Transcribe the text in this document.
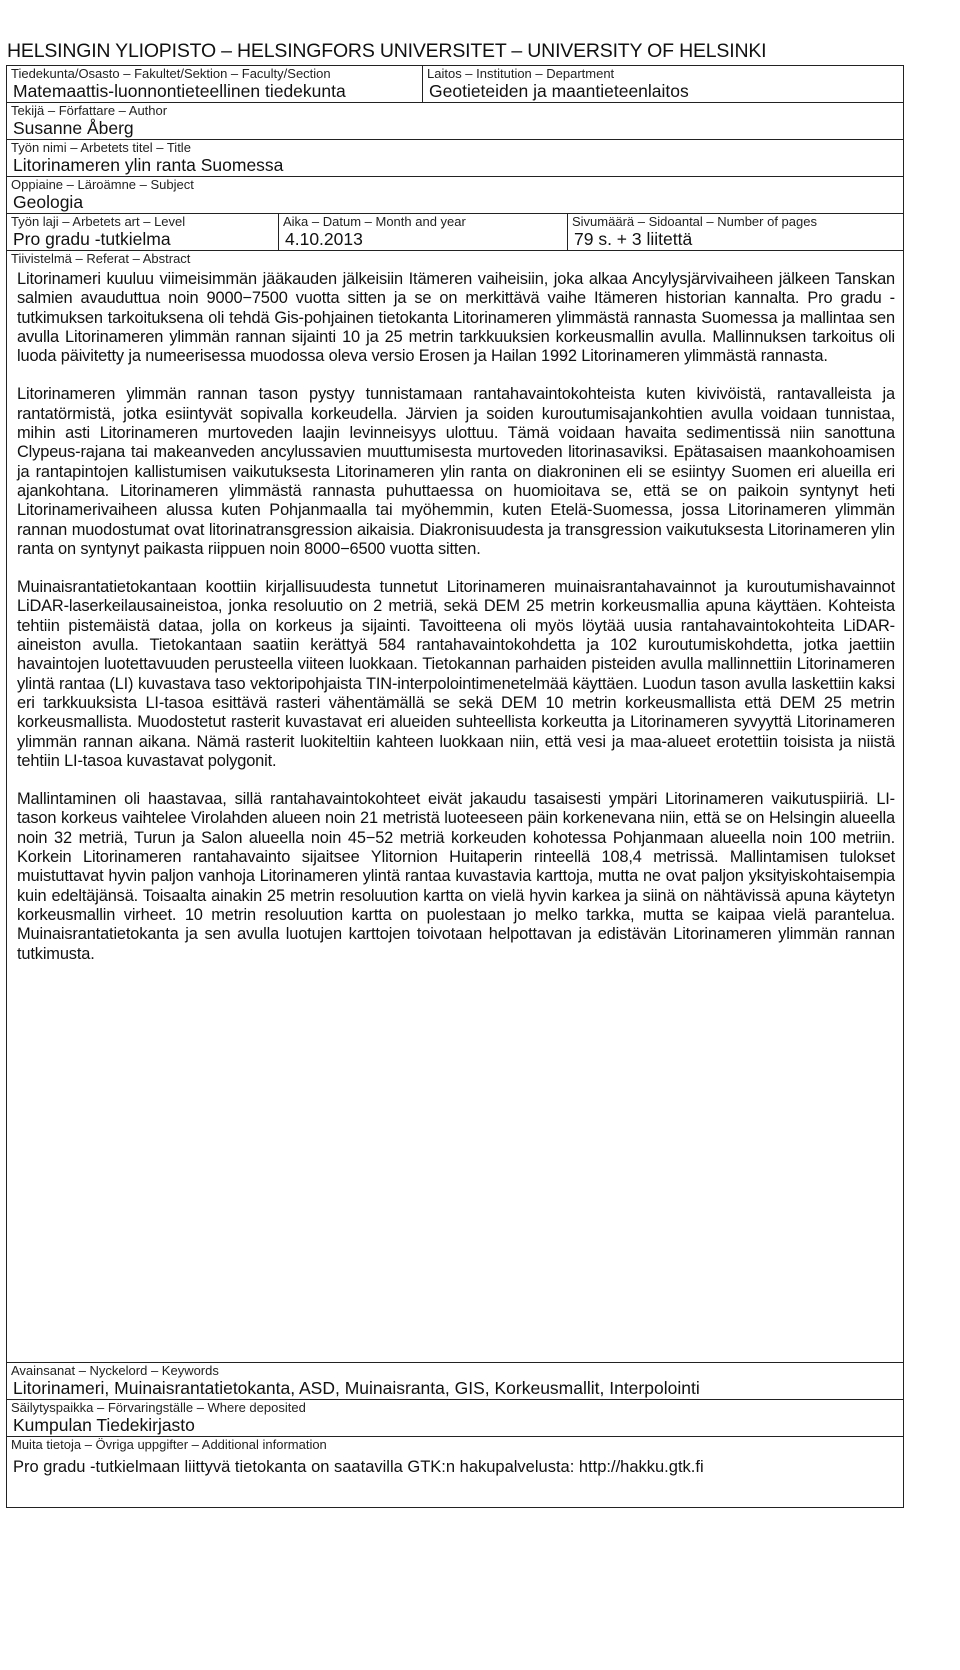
HELSINGIN YLIOPISTO – HELSINGFORS UNIVERSITET – UNIVERSITY OF HELSINKI
Tiedekunta/Osasto – Fakultet/Sektion – Faculty/Section
Matemaattis-luonnontieteellinen tiedekunta
Laitos – Institution – Department
Geotieteiden ja maantieteenlaitos
Tekijä – Författare – Author
Susanne Åberg
Työn nimi – Arbetets titel – Title
Litorinameren ylin ranta Suomessa
Oppiaine – Läroämne – Subject
Geologia
Työn laji – Arbetets art – Level
Pro gradu -tutkielma
Aika – Datum – Month and year
4.10.2013
Sivumäärä – Sidoantal – Number of pages
79 s. + 3 liitettä
Tiivistelmä – Referat – Abstract

Litorinameri kuuluu viimeisimmän jääkauden jälkeisiin Itämeren vaiheisiin, joka alkaa Ancylysjärvivaiheen jälkeen Tanskan salmien avauduttua noin 9000−7500 vuotta sitten ja se on merkittävä vaihe Itämeren historian kannalta. Pro gradu -tutkimuksen tarkoituksena oli tehdä Gis-pohjainen tietokanta Litorinameren ylimmästä rannasta Suomessa ja mallintaa sen avulla Litorinameren ylimmän rannan sijainti 10 ja 25 metrin tarkkuuksien korkeusmallin avulla. Mallinnuksen tarkoitus oli luoda päivitetty ja numeerisessa muodossa oleva versio Erosen ja Hailan 1992 Litorinameren ylimmästä rannasta.

Litorinameren ylimmän rannan tason pystyy tunnistamaan rantahavaintokohteista kuten kivivöistä, rantavalleista ja rantatörmistä, jotka esiintyvät sopivalla korkeudella. Järvien ja soiden kuroutumisajankohtien avulla voidaan tunnistaa, mihin asti Litorinameren murtoveden laajin levinneisyys ulottuu. Tämä voidaan havaita sedimentissä niin sanottuna Clypeus-rajana tai makeanveden ancylussavien muuttumisesta murtoveden litorinasaviksi. Epätasaisen maankohoamisen ja rantapintojen kallistumisen vaikutuksesta Litorinameren ylin ranta on diakroninen eli se esiintyy Suomen eri alueilla eri ajankohtana. Litorinameren ylimmästä rannasta puhuttaessa on huomioitava se, että se on paikoin syntynyt heti Litorinamerivaiheen alussa kuten Pohjanmaalla tai myöhemmin, kuten Etelä-Suomessa, jossa Litorinameren ylimmän rannan muodostumat ovat litorinatransgression aikaisia. Diakronisuudesta ja transgression vaikutuksesta Litorinameren ylin ranta on syntynyt paikasta riippuen noin 8000−6500 vuotta sitten.

Muinaisrantatietokantaan koottiin kirjallisuudesta tunnetut Litorinameren muinaisrantahavainnot ja kuroutumishavainnot LiDAR-laserkeilausaineistoa, jonka resoluutio on 2 metriä, sekä DEM 25 metrin korkeusmallia apuna käyttäen. Kohteista tehtiin pistemäistä dataa, jolla on korkeus ja sijainti. Tavoitteena oli myös löytää uusia rantahavaintokohteita LiDAR-aineiston avulla. Tietokantaan saatiin kerättyä 584 rantahavaintokohdetta ja 102 kuroutumiskohdetta, jotka jaettiin havaintojen luotettavuuden perusteella viiteen luokkaan. Tietokannan parhaiden pisteiden avulla mallinnettiin Litorinameren ylintä rantaa (LI) kuvastava taso vektoripohjaista TIN-interpolointimenetelmää käyttäen. Luodun tason avulla laskettiin kaksi eri tarkkuuksista LI-tasoa esittävä rasteri vähentämällä se sekä DEM 10 metrin korkeusmallista että DEM 25 metrin korkeusmallista. Muodostetut rasterit kuvastavat eri alueiden suhteellista korkeutta ja Litorinameren syvyyttä Litorinameren ylimmän rannan aikana. Nämä rasterit luokiteltiin kahteen luokkaan niin, että vesi ja maa-alueet erotettiin toisista ja niistä tehtiin LI-tasoa kuvastavat polygonit.

Mallintaminen oli haastavaa, sillä rantahavaintokohteet eivät jakaudu tasaisesti ympäri Litorinameren vaikutuspiiriä. LI-tason korkeus vaihtelee Virolahden alueen noin 21 metristä luoteeseen päin korkenevana niin, että se on Helsingin alueella noin 32 metriä, Turun ja Salon alueella noin 45−52 metriä korkeuden kohotessa Pohjanmaan alueella noin 100 metriin. Korkein Litorinameren rantahavainto sijaitsee Ylitornion Huitaperin rinteellä 108,4 metrissä. Mallintamisen tulokset muistuttavat hyvin paljon vanhoja Litorinameren ylintä rantaa kuvastavia karttoja, mutta ne ovat paljon yksityiskohtaisempia kuin edeltäjänsä. Toisaalta ainakin 25 metrin resoluution kartta on vielä hyvin karkea ja siinä on nähtävissä apuna käytetyn korkeusmallin virheet. 10 metrin resoluution kartta on puolestaan jo melko tarkka, mutta se kaipaa vielä parantelua. Muinaisrantatietokanta ja sen avulla luotujen karttojen toivotaan helpottavan ja edistävän Litorinameren ylimmän rannan tutkimusta.

Avainsanat – Nyckelord – Keywords
Litorinameri, Muinaisrantatietokanta, ASD, Muinaisranta, GIS, Korkeusmallit, Interpolointi
Säilytyspaikka – Förvaringställe – Where deposited
Kumpulan Tiedekirjasto
Muita tietoja – Övriga uppgifter – Additional information
Pro gradu -tutkielmaan liittyvä tietokanta on saatavilla GTK:n hakupalvelusta: http://hakku.gtk.fi
